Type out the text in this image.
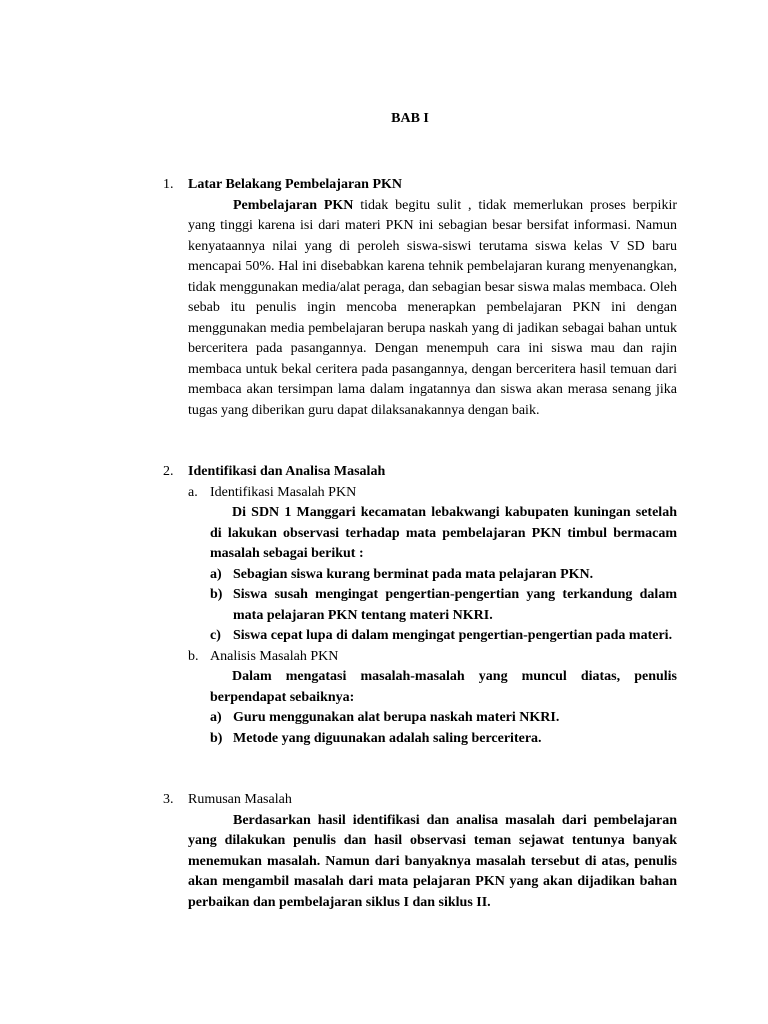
BAB I
1. Latar Belakang Pembelajaran PKN
Pembelajaran PKN tidak begitu sulit , tidak memerlukan proses berpikir yang tinggi karena isi dari materi PKN ini sebagian besar bersifat informasi. Namun kenyataannya nilai yang di peroleh siswa-siswi terutama siswa kelas V SD baru mencapai 50%. Hal ini disebabkan karena tehnik pembelajaran kurang menyenangkan, tidak menggunakan media/alat peraga, dan sebagian besar siswa malas membaca. Oleh sebab itu penulis ingin mencoba menerapkan pembelajaran PKN ini dengan menggunakan media pembelajaran berupa naskah yang di jadikan sebagai bahan untuk berceritera pada pasangannya. Dengan menempuh cara ini siswa mau dan rajin membaca untuk bekal ceritera pada pasangannya, dengan berceritera hasil temuan dari membaca akan tersimpan lama dalam ingatannya dan siswa akan merasa senang jika tugas yang diberikan guru dapat dilaksanakannya dengan baik.
2. Identifikasi dan Analisa Masalah
a. Identifikasi Masalah PKN
Di SDN 1 Manggari kecamatan lebakwangi kabupaten kuningan setelah di lakukan observasi terhadap mata pembelajaran PKN timbul bermacam masalah sebagai berikut :
a) Sebagian siswa kurang berminat pada mata pelajaran PKN.
b) Siswa susah mengingat pengertian-pengertian yang terkandung dalam mata pelajaran PKN tentang materi NKRI.
c) Siswa cepat lupa di dalam mengingat pengertian-pengertian pada materi.
b. Analisis Masalah PKN
Dalam mengatasi masalah-masalah yang muncul diatas, penulis berpendapat sebaiknya:
a) Guru menggunakan alat berupa naskah materi NKRI.
b) Metode yang diguunakan adalah saling berceritera.
3. Rumusan Masalah
Berdasarkan hasil identifikasi dan analisa masalah dari pembelajaran yang dilakukan penulis dan hasil observasi teman sejawat tentunya banyak menemukan masalah. Namun dari banyaknya masalah tersebut di atas, penulis akan mengambil masalah dari mata pelajaran PKN yang akan dijadikan bahan perbaikan dan pembelajaran siklus I dan siklus II.
